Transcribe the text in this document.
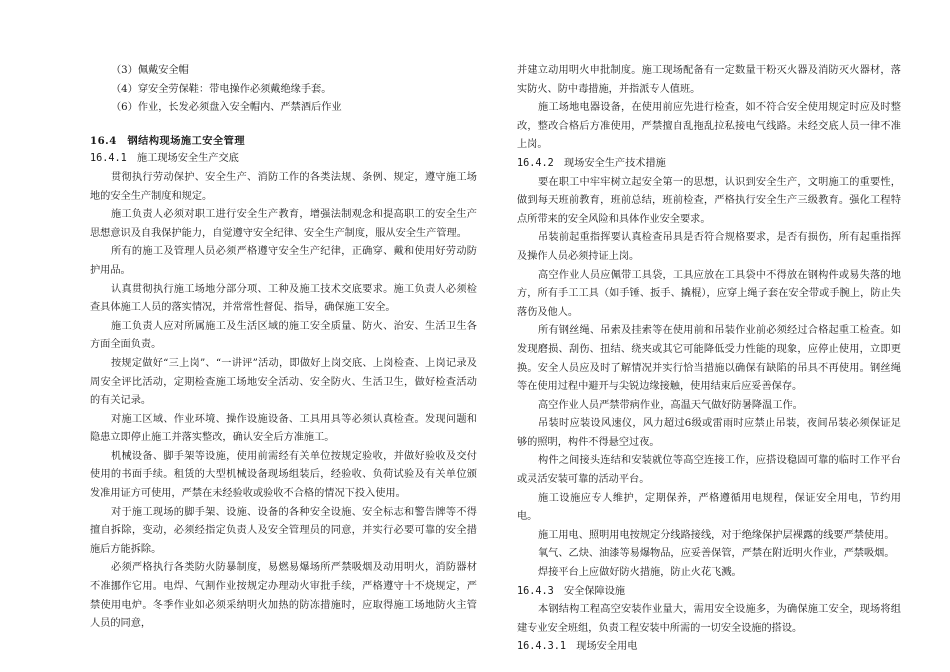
（3）佩戴安全帽

（4）穿安全劳保鞋：带电操作必须戴绝缘手套。

（6）作业，长发必须盘入安全帽内、严禁酒后作业

16.4　钢结构现场施工安全管理

16.4.1　施工现场安全生产交底

贯彻执行劳动保护、安全生产、消防工作的各类法规、条例、规定，遵守施工场地的安全生产制度和规定。

施工负责人必须对职工进行安全生产教育，增强法制观念和提高职工的安全生产思想意识及自我保护能力，自觉遵守安全纪律、安全生产制度，服从安全生产管理。

所有的施工及管理人员必须严格遵守安全生产纪律，正确穿、戴和使用好劳动防护用品。

认真贯彻执行施工场地分部分项、工种及施工技术交底要求。施工负责人必须检查具体施工人员的落实情况，并常常性督促、指导，确保施工安全。

施工负责人应对所属施工及生活区域的施工安全质量、防火、治安、生活卫生各方面全面负责。

按规定做好“三上岗”、“一讲评”活动，即做好上岗交底、上岗检查、上岗记录及周安全评比活动，定期检查施工场地安全活动、安全防火、生活卫生，做好检查活动的有关记录。

对施工区域、作业环境、操作设施设备、工具用具等必须认真检查。发现问题和隐患立即停止施工并落实整改，确认安全后方准施工。

机械设备、脚手架等设施，使用前需经有关单位按规定验收，并做好验收及交付使用的书面手续。租赁的大型机械设备现场组装后，经验收、负荷试验及有关单位颁发准用证方可使用，严禁在未经验收或验收不合格的情况下投入使用。

对于施工现场的脚手架、设施、设备的各种安全设施、安全标志和警告牌等不得擅自拆除，变动，必须经指定负责人及安全管理员的同意，并实行必要可靠的安全措施后方能拆除。

必须严格执行各类防火防暴制度，易燃易爆场所严禁吸烟及动用明火，消防器材不准挪作它用。电焊、气割作业按规定办理动火审批手续，严格遵守十不烧规定，严禁使用电炉。冬季作业如必须采纳明火加热的防冻措施时，应取得施工场地防火主管人员的同意，

并建立动用明火申批制度。施工现场配备有一定数量干粉灭火器及消防灭火器材，落实防火、防中毒措施，并指派专人值班。

施工场地电器设备，在使用前应先进行检查，如不符合安全使用规定时应及时整改，整改合格后方准使用，严禁擅自乱拖乱拉私接电气线路。未经交底人员一律不准上岗。

16.4.2　现场安全生产技术措施

要在职工中牢牢树立起安全第一的思想，认识到安全生产，文明施工的重要性，做到每天班前教育，班前总结，班前检查，严格执行安全生产三级教育。强化工程特点所带来的安全风险和具体作业安全要求。

吊装前起重指挥要认真检查吊具是否符合规格要求，是否有损伤，所有起重指挥及操作人员必须持证上岗。

高空作业人员应佩带工具袋，工具应放在工具袋中不得放在钢构件或易失落的地方，所有手工工具（如手锤、扳手、撬棍），应穿上绳子套在安全带或手腕上，防止失落伤及他人。

所有钢丝绳、吊索及挂索等在使用前和吊装作业前必须经过合格起重工检查。如发现磨损、刮伤、扭结、绕夹或其它可能降低受力性能的现象，应停止使用，立即更换。安全人员应及时了解情况并实行恰当措施以确保有缺陷的吊具不再使用。钢丝绳等在使用过程中避开与尖锐边缘接触，使用结束后应妥善保存。

高空作业人员严禁带病作业，高温天气做好防暑降温工作。

吊装时应装设风速仪，风力超过6级或雷雨时应禁止吊装，夜间吊装必须保证足够的照明，构件不得悬空过夜。

构件之间接头连结和安装就位等高空连接工作，应搭设稳固可靠的临时工作平台或灵活安装可靠的活动平台。

施工设施应专人维护，定期保养，严格遵循用电规程，保证安全用电，节约用电。

施工用电、照明用电按规定分线路接线，对于绝缘保护层裸露的线要严禁使用。

氧气、乙炔、油漆等易爆物品，应妥善保管，严禁在附近明火作业，严禁吸烟。

焊接平台上应做好防火措施，防止火花飞溅。

16.4.3　安全保障设施

本钢结构工程高空安装作业量大，需用安全设施多，为确保施工安全，现场将组建专业安全班组，负责工程安装中所需的一切安全设施的搭设。

16.4.3.1　现场安全用电
